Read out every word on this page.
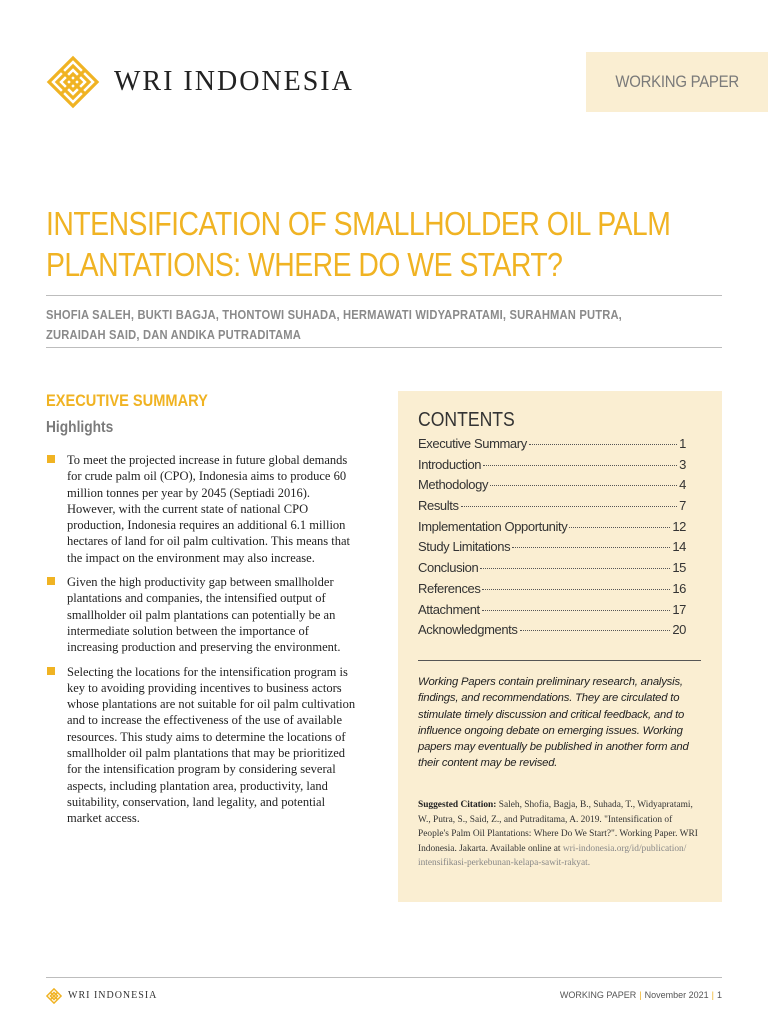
WRI INDONESIA	WORKING PAPER
INTENSIFICATION OF SMALLHOLDER OIL PALM
PLANTATIONS: WHERE DO WE START?

SHOFIA SALEH, BUKTI BAGJA, THONTOWI SUHADA, HERMAWATI WIDYAPRATAMI, SURAHMAN PUTRA,
ZURAIDAH SAID, DAN ANDIKA PUTRADITAMA

EXECUTIVE SUMMARY
Highlights
To meet the projected increase in future global demands for crude palm oil (CPO), Indonesia aims to produce 60 million tonnes per year by 2045 (Septiadi 2016). However, with the current state of national CPO production, Indonesia requires an additional 6.1 million hectares of land for oil palm cultivation. This means that the impact on the environment may also increase.
Given the high productivity gap between smallholder plantations and companies, the intensified output of smallholder oil palm plantations can potentially be an intermediate solution between the importance of increasing production and preserving the environment.
Selecting the locations for the intensification program is key to avoiding providing incentives to business actors whose plantations are not suitable for oil palm cultivation and to increase the effectiveness of the use of available resources. This study aims to determine the locations of smallholder oil palm plantations that may be prioritized for the intensification program by considering several aspects, including plantation area, productivity, land suitability, conservation, land legality, and potential market access.
CONTENTS
Executive Summary	1
Introduction	3
Methodology	4
Results	7
Implementation Opportunity	12
Study Limitations	14
Conclusion	15
References	16
Attachment	17
Acknowledgments	20

Working Papers contain preliminary research, analysis, findings, and recommendations. They are circulated to stimulate timely discussion and critical feedback, and to influence ongoing debate on emerging issues. Working papers may eventually be published in another form and their content may be revised.

Suggested Citation: Saleh, Shofia, Bagja, B., Suhada, T., Widyapratami, W., Putra, S., Said, Z., and Putraditama, A. 2019. "Intensification of People's Palm Oil Plantations: Where Do We Start?". Working Paper. WRI Indonesia. Jakarta. Available online at wri-indonesia.org/id/publication/ intensifikasi-perkebunan-kelapa-sawit-rakyat.

WRI INDONESIA	WORKING PAPER | November 2021 | 1
